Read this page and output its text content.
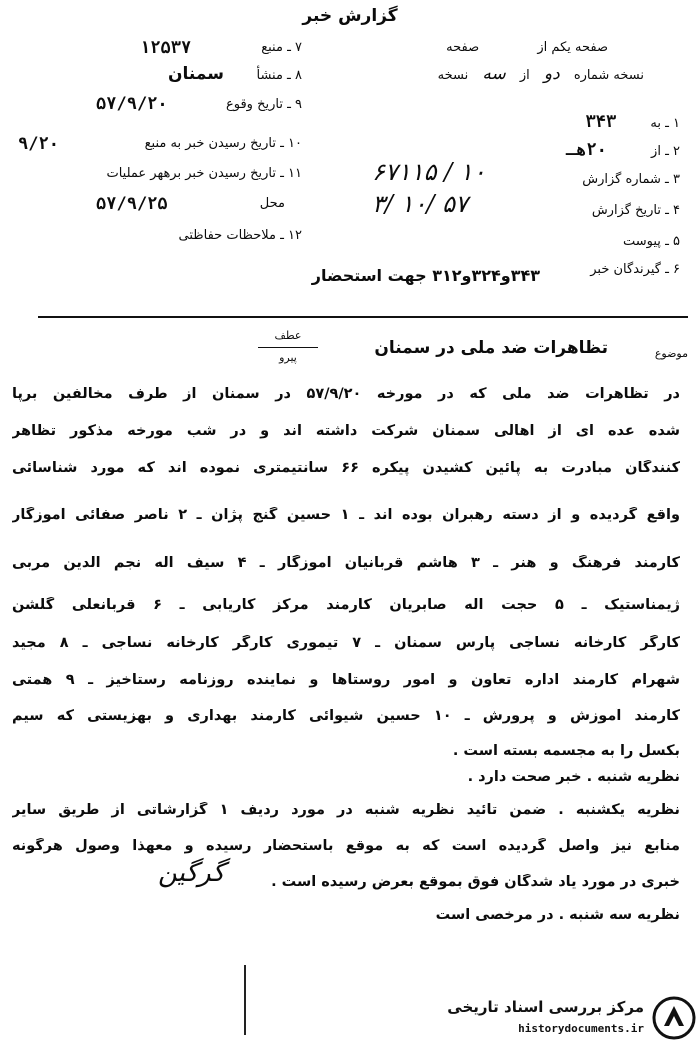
گزارش خبر
صفحه یکم از  صفحه
نسخه شماره دو از سه نسخه
۱ ـ به ۳۴۳
۲ ـ از ۲۰هـ
۳ ـ شماره گزارش
۶۷۱۱۵ / ۱۰
۴ ـ تاریخ گزارش
۳/ ۱۰/ ۵۷
۵ ـ پیوست
۶ ـ گیرندگان خبر
۷ ـ منبع
۱۲۵۳۷
۸ ـ منشأ
سمنان
۹ ـ تاریخ وقوع
۵۷/۹/۲۰
۱۰ ـ تاریخ رسیدن خبر به منبع
۹/۲۰
۱۱ ـ تاریخ رسیدن خبر برههر عملیات
محل
۵۷/۹/۲۵
۱۲ ـ ملاحظات حفاظتی
۳۴۳و۳۲۴و۳۱۲ جهت استحضار
موضوع
تظاهرات ضد ملی در سمنان
عطف
پیرو
در تظاهرات ضد ملی که در مورخه ۵۷/۹/۲۰ در سمنان از طرف مخالفین برپا
شده عده ای از اهالی سمنان شرکت داشته اند و در شب مورخه مذکور تظاهر
کنندگان مبادرت به پائین کشیدن پیکره ۶۶ سانتیمتری نموده اند که مورد شناسائی
واقع گردیده و از دسته رهبران بوده اند ـ ۱ حسین گنج پژان ـ ۲ ناصر صفائی آموزگار
کارمند فرهنگ و هنر ـ ۳ هاشم قربانیان آموزگار ـ ۴ سیف اله نجم الدین مربی
ژیمناستیک ـ ۵ حجت اله صابریان کارمند مرکز کاریابی ـ ۶ قربانعلی گلشن
کارگر کارخانه نساجی پارس سمنان ـ ۷ تیموری کارگر کارخانه نساجی ـ ۸ مجید
شهرام کارمند اداره تعاون و امور روستاها و نماینده روزنامه رستاخیز ـ ۹ همتی
کارمند آموزش و پرورش ـ ۱۰ حسین شیوائی کارمند بهداری و بهزیستی که سیم
بکسل را به مجسمه بسته است .
نظریه شنبه . خبر صحت دارد .
نظریه یکشنبه . ضمن تائید نظریه شنبه در مورد ردیف ۱ گزارشاتی از طریق سایر
منابع نیز واصل گردیده است که به موقع باستحضار رسیده و معهذا وصول هرگونه
خبری در مورد یاد شدگان فوق بموقع بعرض رسیده است .
نظریه سه شنبه . در مرخصی است
گرگین
مرکز بررسی اسناد تاریخی
historydocuments.ir
